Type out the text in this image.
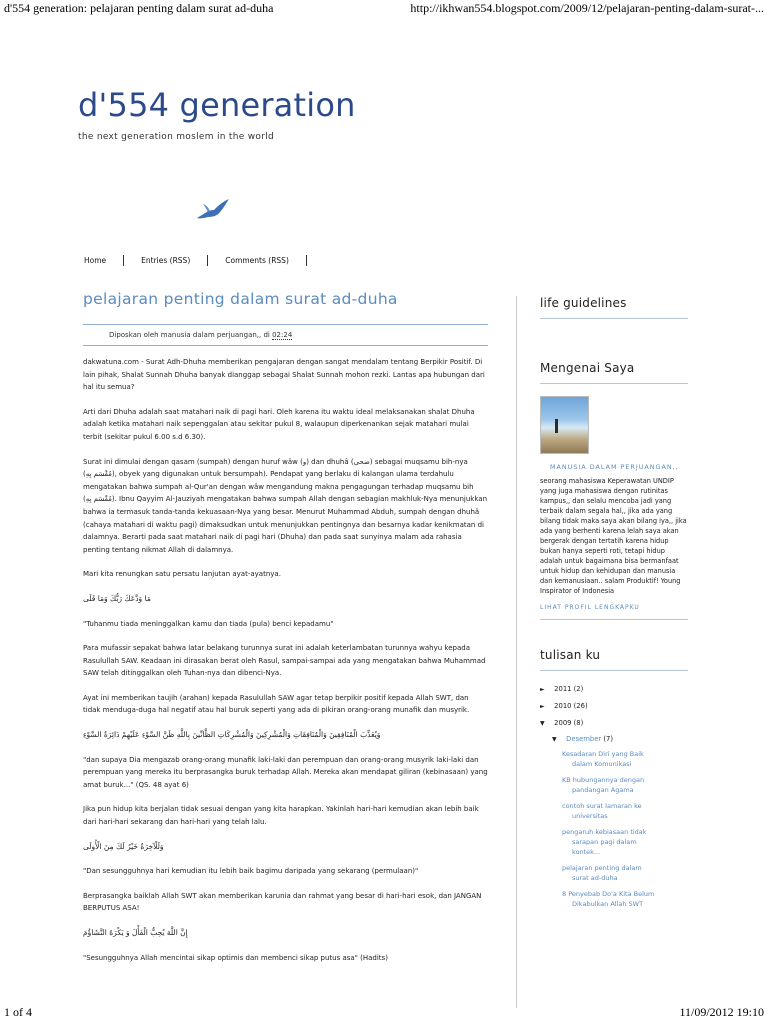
d'554 generation: pelajaran penting dalam surat ad-duha	http://ikhwan554.blogspot.com/2009/12/pelajaran-penting-dalam-surat-...
1 of 4	11/09/2012 19:10
d'554 generation
the next generation moslem in the world
Home	Entries (RSS)	Comments (RSS)
pelajaran penting dalam surat ad-duha
Diposkan oleh manusia dalam perjuangan,, di 02:24

dakwatuna.com - Surat Adh-Dhuha memberikan pengajaran dengan sangat mendalam tentang Berpikir Positif. Di lain pihak, Shalat Sunnah Dhuha banyak dianggap sebagai Shalat Sunnah mohon rezki. Lantas apa hubungan dari hal itu semua?

Arti dari Dhuha adalah saat matahari naik di pagi hari. Oleh karena itu waktu ideal melaksanakan shalat Dhuha adalah ketika matahari naik sepenggalan atau sekitar pukul 8, walaupun diperkenankan sejak matahari mulai terbit (sekitar pukul 6.00 s.d 6.30).

Surat ini dimulai dengan qasam (sumpah) dengan huruf wâw (و) dan dhuhâ (ضحى) sebagai muqsamu bih-nya (مُقْسَم بِهِ), obyek yang digunakan untuk bersumpah). Pendapat yang berlaku di kalangan ulama terdahulu mengatakan bahwa sumpah al-Qur'an dengan wâw mengandung makna pengagungan terhadap muqsamu bih (مُقْسَم بِهِ). Ibnu Qayyim Al-Jauziyah mengatakan bahwa sumpah Allah dengan sebagian makhluk-Nya menunjukkan bahwa ia termasuk tanda-tanda kekuasaan-Nya yang besar. Menurut Muhammad Abduh, sumpah dengan dhuhâ (cahaya matahari di waktu pagi) dimaksudkan untuk menunjukkan pentingnya dan besarnya kadar kenikmatan di dalamnya. Berarti pada saat matahari naik di pagi hari (Dhuha) dan pada saat sunyinya malam ada rahasia penting tentang nikmat Allah di dalamnya.

Mari kita renungkan satu persatu lanjutan ayat-ayatnya.

مَا وَدَّعَكَ رَبُّكَ وَمَا قَلَى

"Tuhanmu tiada meninggalkan kamu dan tiada (pula) benci kepadamu"

Para mufassir sepakat bahwa latar belakang turunnya surat ini adalah keterlambatan turunnya wahyu kepada Rasulullah SAW. Keadaan ini dirasakan berat oleh Rasul, sampai-sampai ada yang mengatakan bahwa Muhammad SAW telah ditinggalkan oleh Tuhan-nya dan dibenci-Nya.

Ayat ini memberikan taujih (arahan) kepada Rasulullah SAW agar tetap berpikir positif kepada Allah SWT, dan tidak menduga-duga hal negatif atau hal buruk seperti yang ada di pikiran orang-orang munafik dan musyrik.

وَيُعَذِّبَ الْمُنَافِقِينَ وَالْمُنَافِقَاتِ وَالْمُشْرِكِينَ وَالْمُشْرِكَاتِ الظَّانِّينَ بِاللَّهِ ظَنَّ السَّوْءِ عَلَيْهِمْ دَائِرَةُ السَّوْءِ

"dan supaya Dia mengazab orang-orang munafik laki-laki dan perempuan dan orang-orang musyrik laki-laki dan perempuan yang mereka itu berprasangka buruk terhadap Allah. Mereka akan mendapat giliran (kebinasaan) yang amat buruk..." (QS. 48 ayat 6)

Jika pun hidup kita berjalan tidak sesuai dengan yang kita harapkan. Yakinlah hari-hari kemudian akan lebih baik dari hari-hari sekarang dan hari-hari yang telah lalu.

وَلَلْآخِرَةُ خَيْرٌ لَكَ مِنَ الْأُولَى

"Dan sesungguhnya hari kemudian itu lebih baik bagimu daripada yang sekarang (permulaan)"

Berprasangka baiklah Allah SWT akan memberikan karunia dan rahmat yang besar di hari-hari esok, dan JANGAN BERPUTUS ASA!

إِنَّ اللَّهَ يُحِبُّ الْفَأْلَ وَ يَكْرَهُ التَّشَاؤُمَ

"Sesungguhnya Allah mencintai sikap optimis dan membenci sikap putus asa" (Hadits)

life guidelines
Mengenai Saya
MANUSIA DALAM PERJUANGAN,,
seorang mahasiswa Keperawatan UNDIP yang juga mahasiswa dengan rutinitas kampus,, dan selalu mencoba jadi yang terbaik dalam segala hal,, jika ada yang bilang tidak maka saya akan bilang iya,, jika ada yang berhenti karena lelah saya akan bergerak dengan tertatih karena hidup bukan hanya seperti roti, tetapi hidup adalah untuk bagaimana bisa bermanfaat untuk hidup dan kehidupan dan manusia dan kemanusiaan.. salam Produktif! Young Inspirator of Indonesia
LIHAT PROFIL LENGKAPKU
tulisan ku
► 2011 (2)
► 2010 (26)
▼ 2009 (8)
▼ Desember (7)
Kesadaran Diri yang Baik
dalam Komunikasi
KB hubungannya dengan
pandangan Agama
contoh surat lamaran ke
universitas
pengaruh kebiasaan tidak
sarapan pagi dalam
kontek...
pelajaran penting dalam
surat ad-duha
8 Penyebab Do'a Kita Belum
Dikabulkan Allah SWT
